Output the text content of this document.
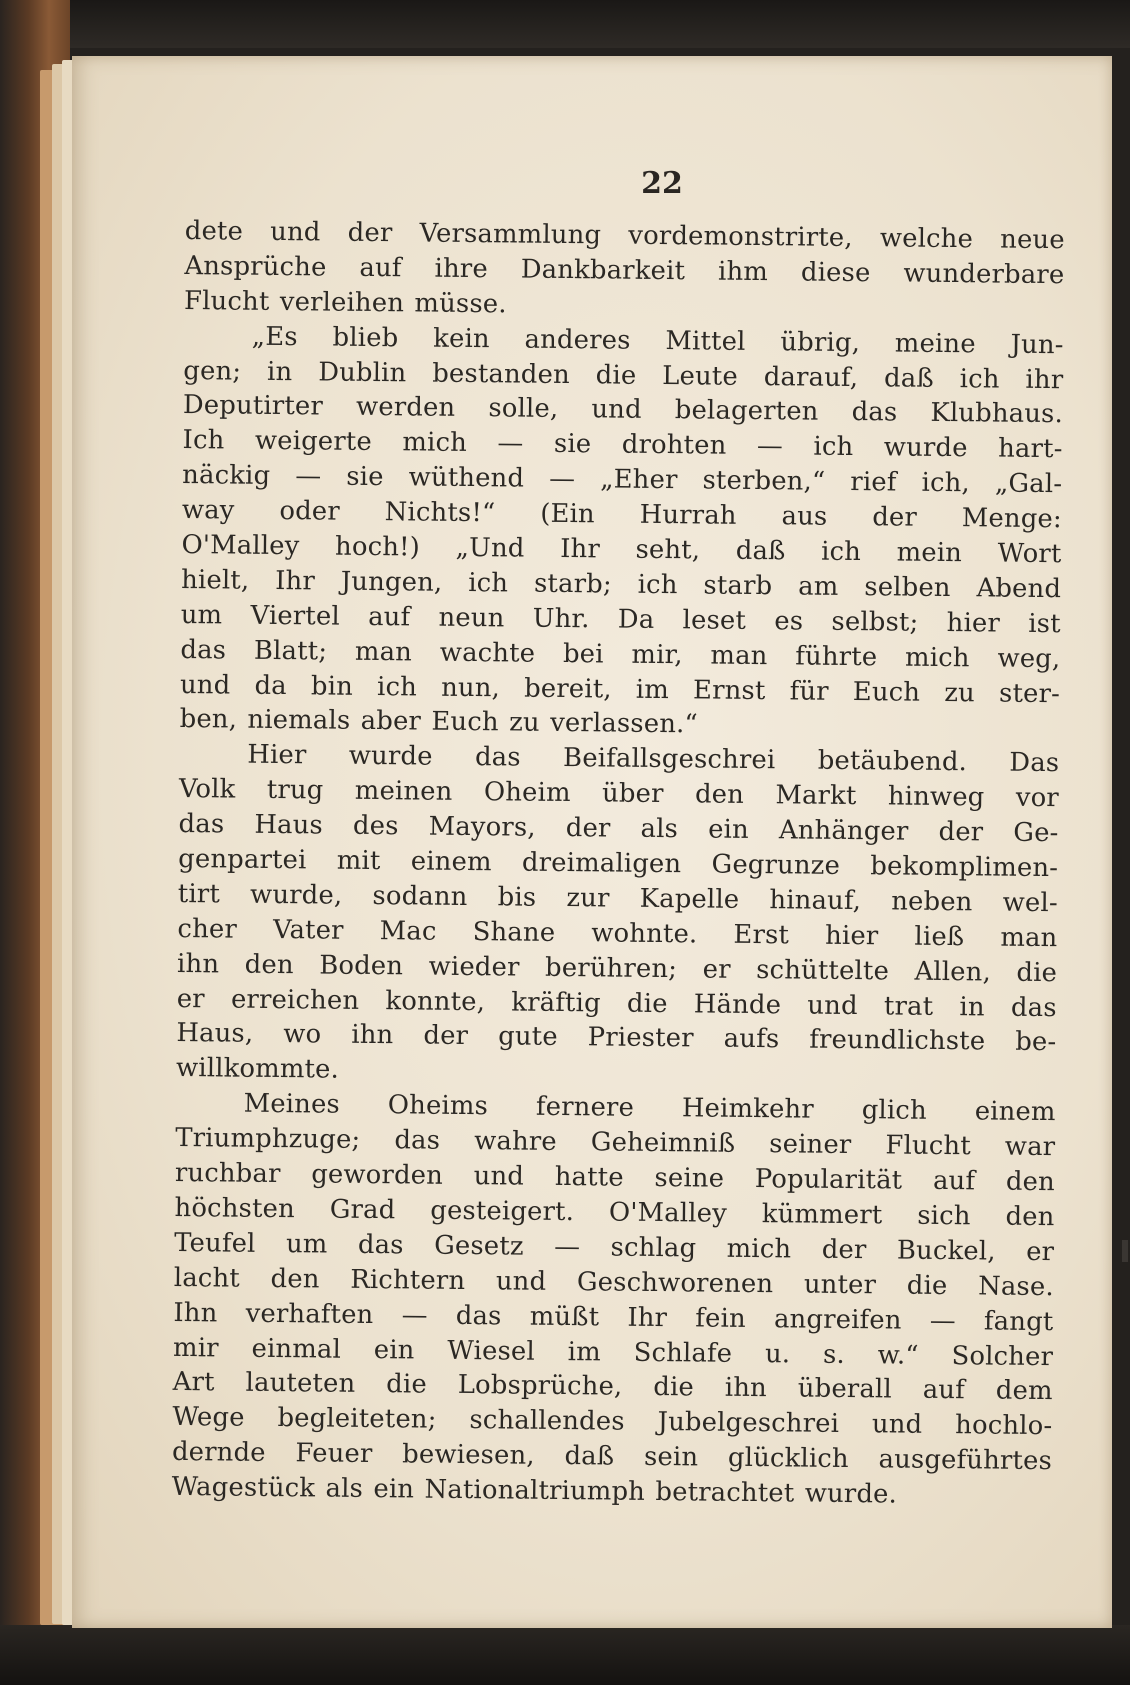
22
dete und der Versammlung vordemonstrirte, welche neue
Ansprüche auf ihre Dankbarkeit ihm diese wunderbare
Flucht verleihen müsse.
„Es blieb kein anderes Mittel übrig, meine Jun-
gen; in Dublin bestanden die Leute darauf, daß ich ihr
Deputirter werden solle, und belagerten das Klubhaus.
Ich weigerte mich — sie drohten — ich wurde hart-
näckig — sie wüthend — „Eher sterben,“ rief ich, „Gal-
way oder Nichts!“ (Ein Hurrah aus der Menge:
O'Malley hoch!) „Und Ihr seht, daß ich mein Wort
hielt, Ihr Jungen, ich starb; ich starb am selben Abend
um Viertel auf neun Uhr. Da leset es selbst; hier ist
das Blatt; man wachte bei mir, man führte mich weg,
und da bin ich nun, bereit, im Ernst für Euch zu ster-
ben, niemals aber Euch zu verlassen.“
Hier wurde das Beifallsgeschrei betäubend. Das
Volk trug meinen Oheim über den Markt hinweg vor
das Haus des Mayors, der als ein Anhänger der Ge-
genpartei mit einem dreimaligen Gegrunze bekomplimen-
tirt wurde, sodann bis zur Kapelle hinauf, neben wel-
cher Vater Mac Shane wohnte. Erst hier ließ man
ihn den Boden wieder berühren; er schüttelte Allen, die
er erreichen konnte, kräftig die Hände und trat in das
Haus, wo ihn der gute Priester aufs freundlichste be-
willkommte.
Meines Oheims fernere Heimkehr glich einem
Triumphzuge; das wahre Geheimniß seiner Flucht war
ruchbar geworden und hatte seine Popularität auf den
höchsten Grad gesteigert. O'Malley kümmert sich den
Teufel um das Gesetz — schlag mich der Buckel, er
lacht den Richtern und Geschworenen unter die Nase.
Ihn verhaften — das müßt Ihr fein angreifen — fangt
mir einmal ein Wiesel im Schlafe u. s. w.“ Solcher
Art lauteten die Lobsprüche, die ihn überall auf dem
Wege begleiteten; schallendes Jubelgeschrei und hochlo-
dernde Feuer bewiesen, daß sein glücklich ausgeführtes
Wagestück als ein Nationaltriumph betrachtet wurde.
